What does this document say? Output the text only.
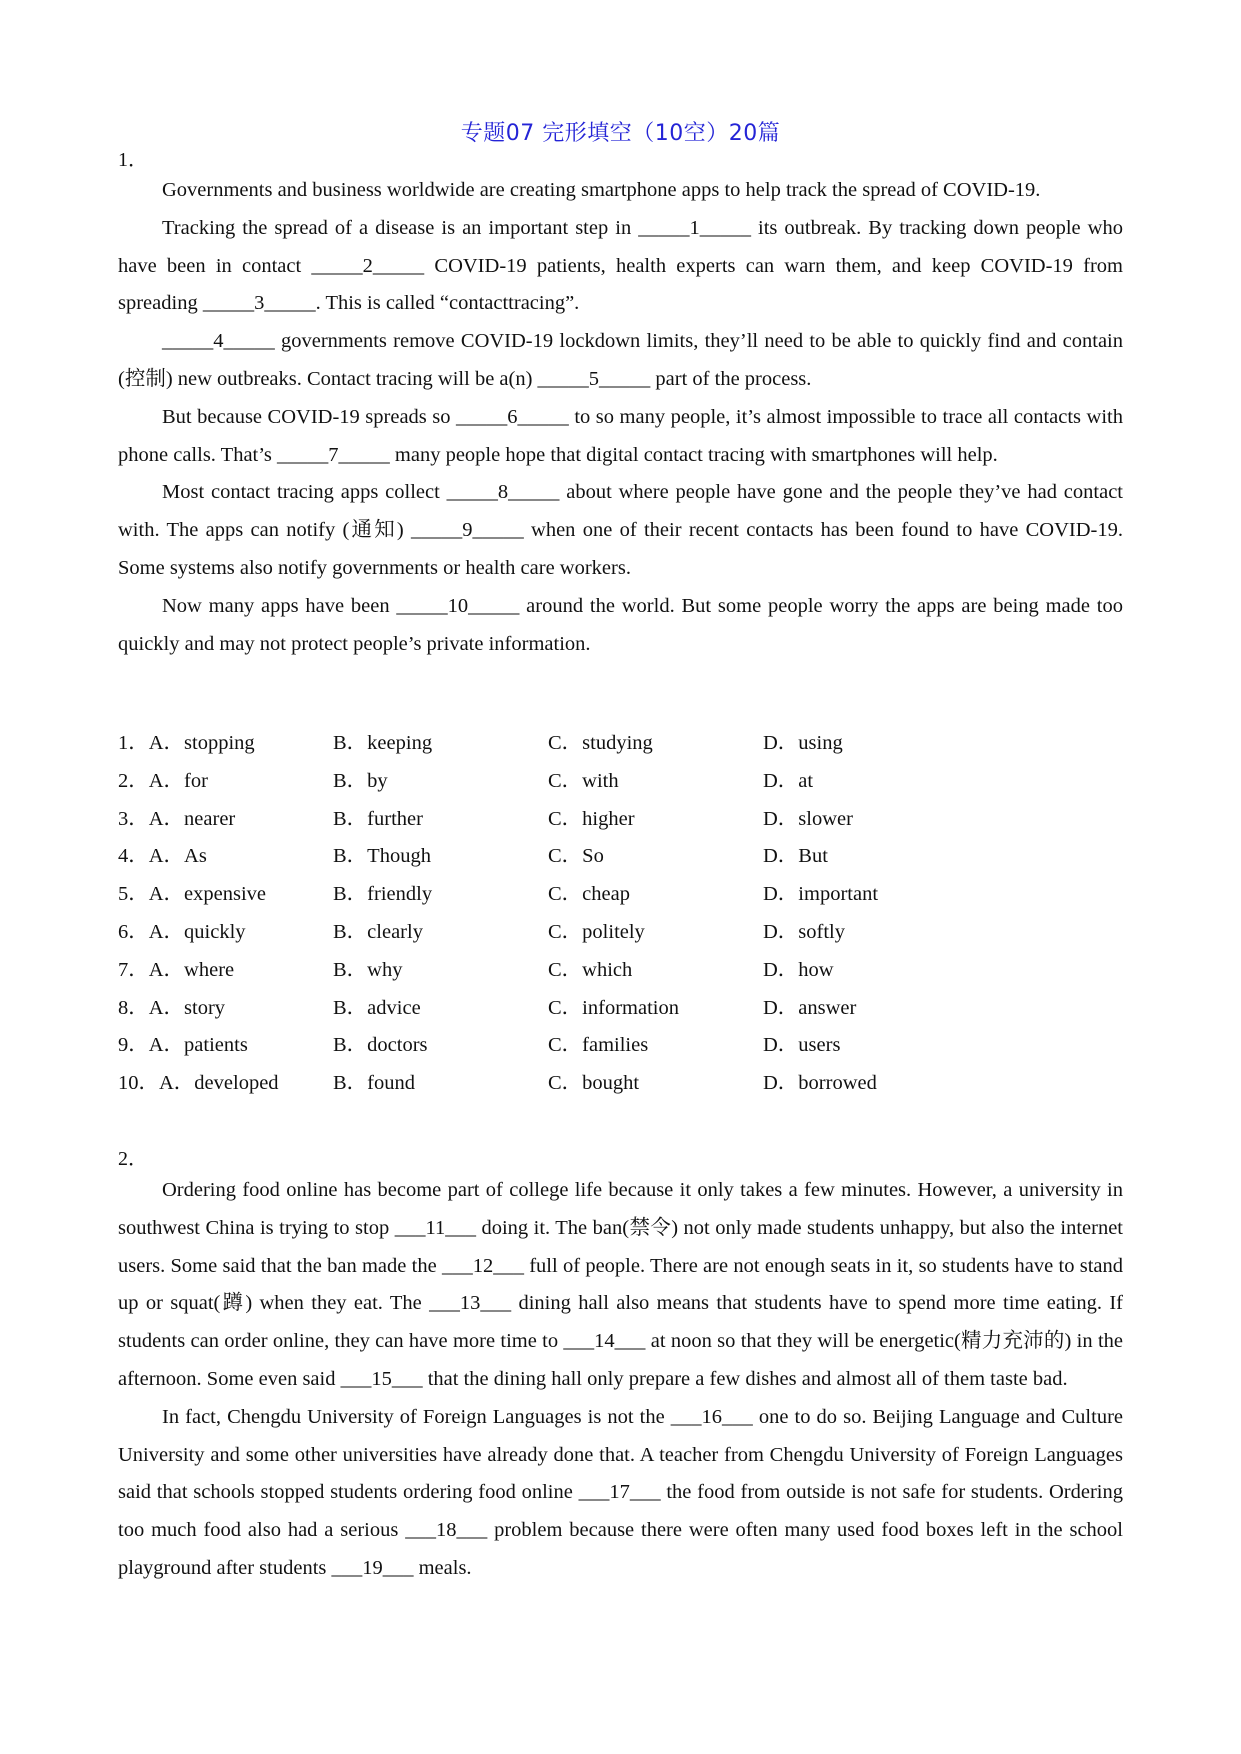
专题07 完形填空（10空）20篇
1．

Governments and business worldwide are creating smartphone apps to help track the spread of COVID-19.

Tracking the spread of a disease is an important step in _____1_____ its outbreak. By tracking down people who have been in contact _____2_____ COVID-19 patients, health experts can warn them, and keep COVID-19 from spreading _____3_____. This is called “contacttracing”.

_____4_____ governments remove COVID-19 lockdown limits, they’ll need to be able to quickly find and contain (控制) new outbreaks. Contact tracing will be a(n) _____5_____ part of the process.

But because COVID-19 spreads so _____6_____ to so many people, it’s almost impossible to trace all contacts with phone calls. That’s _____7_____ many people hope that digital contact tracing with smartphones will help.

Most contact tracing apps collect _____8_____ about where people have gone and the people they’ve had contact with. The apps can notify (通知) _____9_____ when one of their recent contacts has been found to have COVID-19. Some systems also notify governments or health care workers.

Now many apps have been _____10_____ around the world. But some people worry the apps are being made too quickly and may not protect people’s private information.

1．A．stopping	B．keeping	C．studying	D．using
2．A．for	B．by	C．with	D．at
3．A．nearer	B．further	C．higher	D．slower
4．A．As	B．Though	C．So	D．But
5．A．expensive	B．friendly	C．cheap	D．important
6．A．quickly	B．clearly	C．politely	D．softly
7．A．where	B．why	C．which	D．how
8．A．story	B．advice	C．information	D．answer
9．A．patients	B．doctors	C．families	D．users
10．A．developed	B．found	C．bought	D．borrowed
2．

Ordering food online has become part of college life because it only takes a few minutes. However, a university in southwest China is trying to stop ___11___ doing it. The ban(禁令) not only made students unhappy, but also the internet users. Some said that the ban made the ___12___ full of people. There are not enough seats in it, so students have to stand up or squat(蹲) when they eat. The ___13___ dining hall also means that students have to spend more time eating. If students can order online, they can have more time to ___14___ at noon so that they will be energetic(精力充沛的) in the afternoon. Some even said ___15___ that the dining hall only prepare a few dishes and almost all of them taste bad.

In fact, Chengdu University of Foreign Languages is not the ___16___ one to do so. Beijing Language and Culture University and some other universities have already done that. A teacher from Chengdu University of Foreign Languages said that schools stopped students ordering food online ___17___ the food from outside is not safe for students. Ordering too much food also had a serious ___18___ problem because there were often many used food boxes left in the school playground after students ___19___ meals.
